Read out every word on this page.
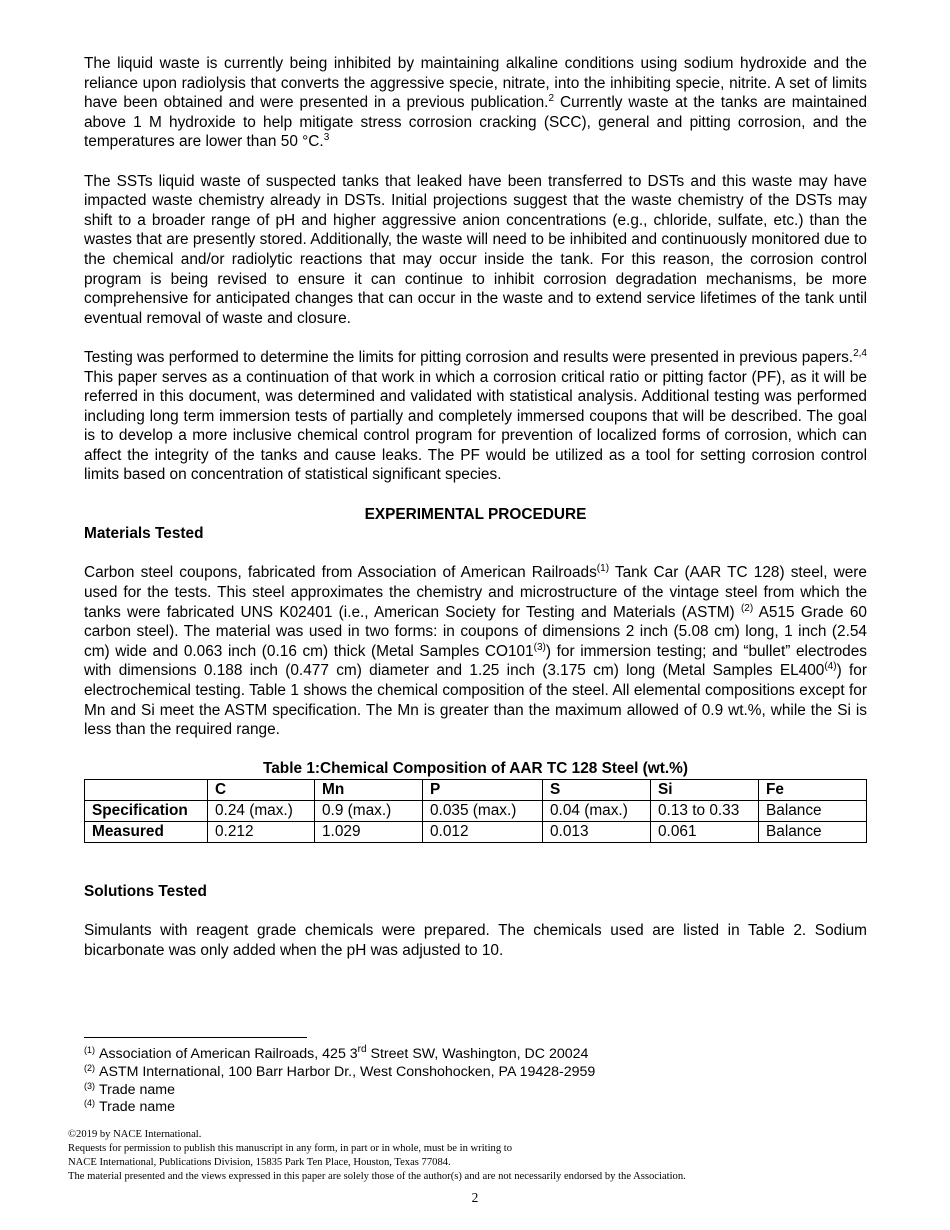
The liquid waste is currently being inhibited by maintaining alkaline conditions using sodium hydroxide and the reliance upon radiolysis that converts the aggressive specie, nitrate, into the inhibiting specie, nitrite. A set of limits have been obtained and were presented in a previous publication.$^2$ Currently waste at the tanks are maintained above 1 M hydroxide to help mitigate stress corrosion cracking (SCC), general and pitting corrosion, and the temperatures are lower than 50 °C.$^3$

The SSTs liquid waste of suspected tanks that leaked have been transferred to DSTs and this waste may have impacted waste chemistry already in DSTs. Initial projections suggest that the waste chemistry of the DSTs may shift to a broader range of pH and higher aggressive anion concentrations (e.g., chloride, sulfate, etc.) than the wastes that are presently stored. Additionally, the waste will need to be inhibited and continuously monitored due to the chemical and/or radiolytic reactions that may occur inside the tank. For this reason, the corrosion control program is being revised to ensure it can continue to inhibit corrosion degradation mechanisms, be more comprehensive for anticipated changes that can occur in the waste and to extend service lifetimes of the tank until eventual removal of waste and closure.

Testing was performed to determine the limits for pitting corrosion and results were presented in previous papers.$^{2,4}$ This paper serves as a continuation of that work in which a corrosion critical ratio or pitting factor (PF), as it will be referred in this document, was determined and validated with statistical analysis. Additional testing was performed including long term immersion tests of partially and completely immersed coupons that will be described. The goal is to develop a more inclusive chemical control program for prevention of localized forms of corrosion, which can affect the integrity of the tanks and cause leaks. The PF would be utilized as a tool for setting corrosion control limits based on concentration of statistical significant species.

EXPERIMENTAL PROCEDURE
Materials Tested

Carbon steel coupons, fabricated from Association of American Railroads$^{(1)}$ Tank Car (AAR TC 128) steel, were used for the tests. This steel approximates the chemistry and microstructure of the vintage steel from which the tanks were fabricated UNS K02401 (i.e., American Society for Testing and Materials (ASTM) $^{(2)}$ A515 Grade 60 carbon steel). The material was used in two forms: in coupons of dimensions 2 inch (5.08 cm) long, 1 inch (2.54 cm) wide and 0.063 inch (0.16 cm) thick (Metal Samples CO101$^{(3)}$) for immersion testing; and “bullet” electrodes with dimensions 0.188 inch (0.477 cm) diameter and 1.25 inch (3.175 cm) long (Metal Samples EL400$^{(4)}$) for electrochemical testing. Table 1 shows the chemical composition of the steel. All elemental compositions except for Mn and Si meet the ASTM specification. The Mn is greater than the maximum allowed of 0.9 wt.%, while the Si is less than the required range.

Table 1:Chemical Composition of AAR TC 128 Steel (wt.%)
	C	Mn	P	S	Si	Fe
Specification	0.24 (max.)	0.9 (max.)	0.035 (max.)	0.04 (max.)	0.13 to 0.33	Balance
Measured	0.212	1.029	0.012	0.013	0.061	Balance
Solutions Tested

Simulants with reagent grade chemicals were prepared. The chemicals used are listed in Table 2. Sodium bicarbonate was only added when the pH was adjusted to 10.

$^{(1)}$ Association of American Railroads, 425 3rd Street SW, Washington, DC 20024
$^{(2)}$ ASTM International, 100 Barr Harbor Dr., West Conshohocken, PA 19428-2959
$^{(3)}$ Trade name
$^{(4)}$ Trade name
©2019 by NACE International.
Requests for permission to publish this manuscript in any form, in part or in whole, must be in writing to
NACE International, Publications Division, 15835 Park Ten Place, Houston, Texas 77084.
The material presented and the views expressed in this paper are solely those of the author(s) and are not necessarily endorsed by the Association.
2
